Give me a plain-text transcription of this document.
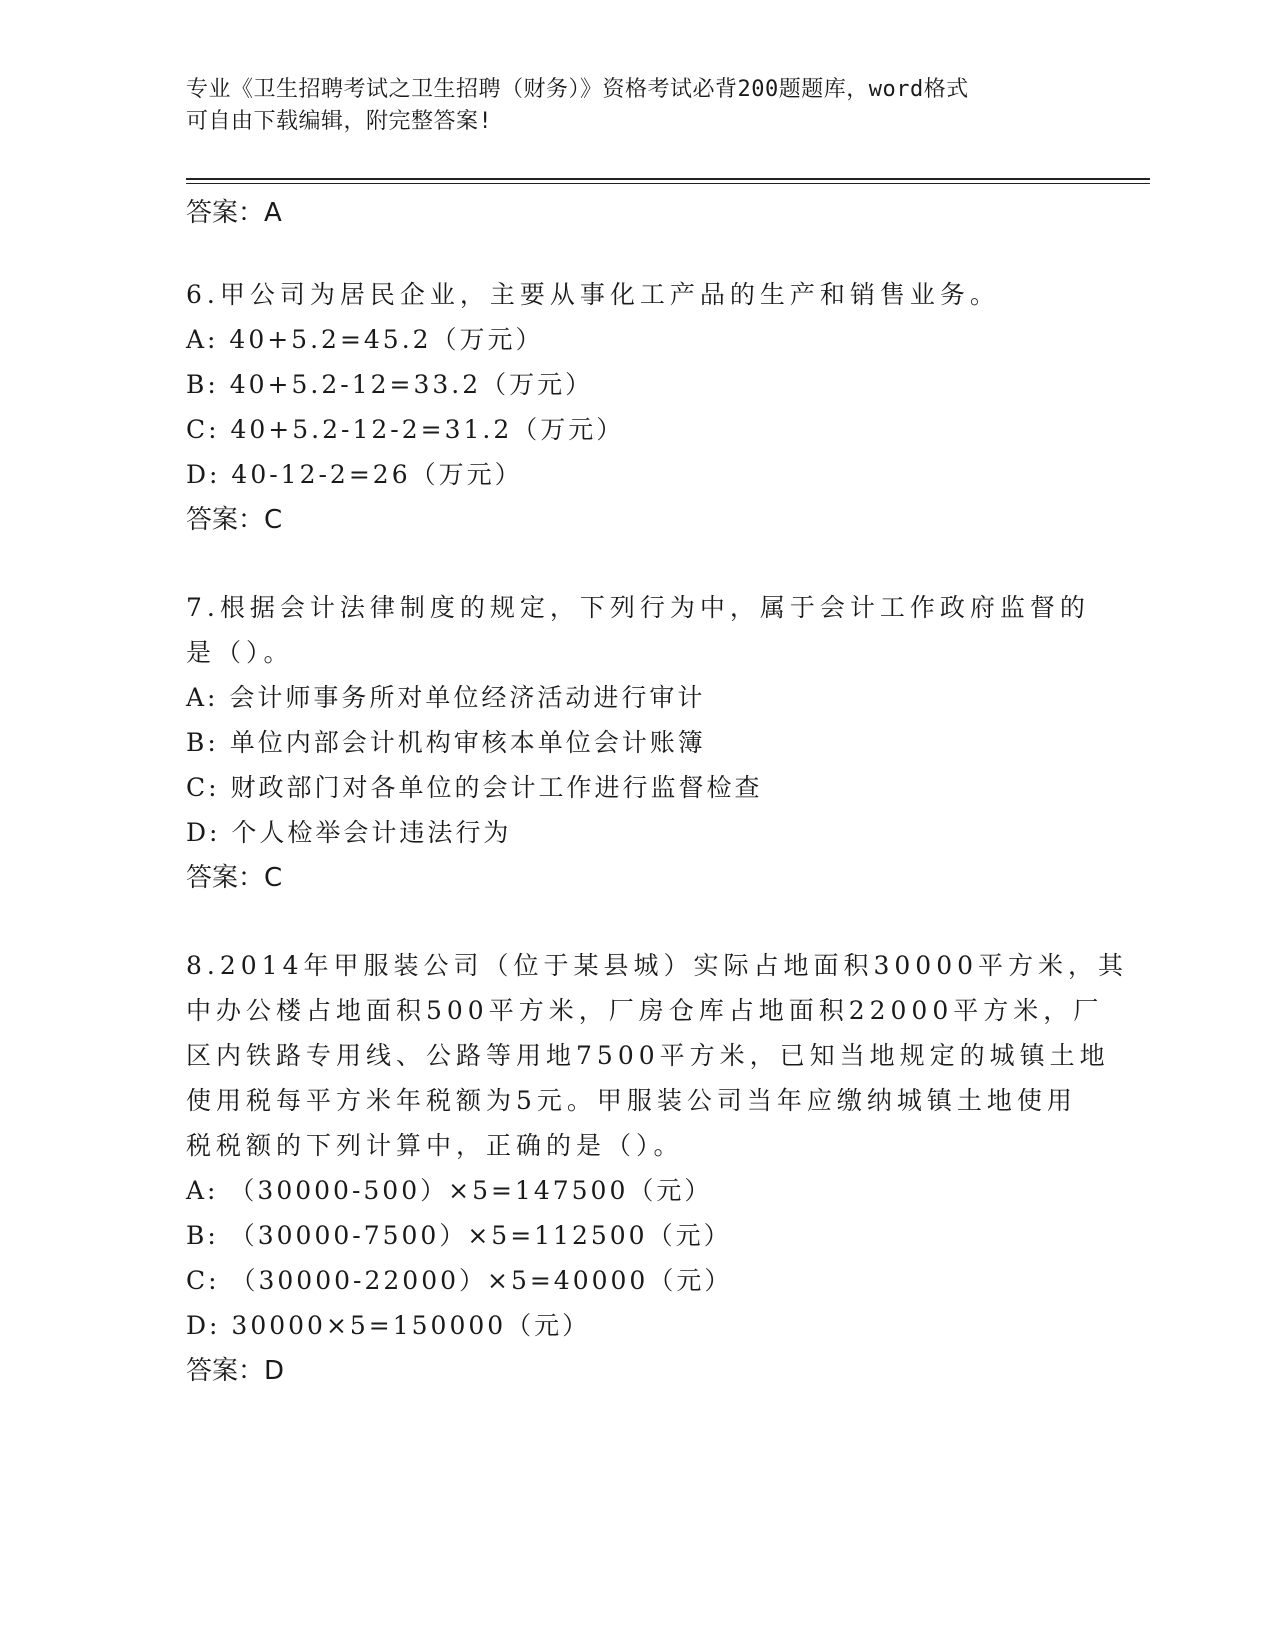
专业《卫生招聘考试之卫生招聘（财务）》资格考试必背200题题库，word格式
可自由下载编辑，附完整答案!
答案：A
6.甲公司为居民企业，主要从事化工产品的生产和销售业务。
A: 40+5.2=45.2（万元）
B: 40+5.2-12=33.2（万元）
C: 40+5.2-12-2=31.2（万元）
D: 40-12-2=26（万元）
答案：C
7.根据会计法律制度的规定，下列行为中，属于会计工作政府监督的
是（）。
A: 会计师事务所对单位经济活动进行审计
B: 单位内部会计机构审核本单位会计账簿
C: 财政部门对各单位的会计工作进行监督检查
D: 个人检举会计违法行为
答案：C
8.2014年甲服装公司（位于某县城）实际占地面积30000平方米，其
中办公楼占地面积500平方米，厂房仓库占地面积22000平方米，厂
区内铁路专用线、公路等用地7500平方米，已知当地规定的城镇土地
使用税每平方米年税额为5元。甲服装公司当年应缴纳城镇土地使用
税税额的下列计算中，正确的是（）。
A: （30000-500）×5=147500（元）
B: （30000-7500）×5=112500（元）
C: （30000-22000）×5=40000（元）
D: 30000×5=150000（元）
答案：D
